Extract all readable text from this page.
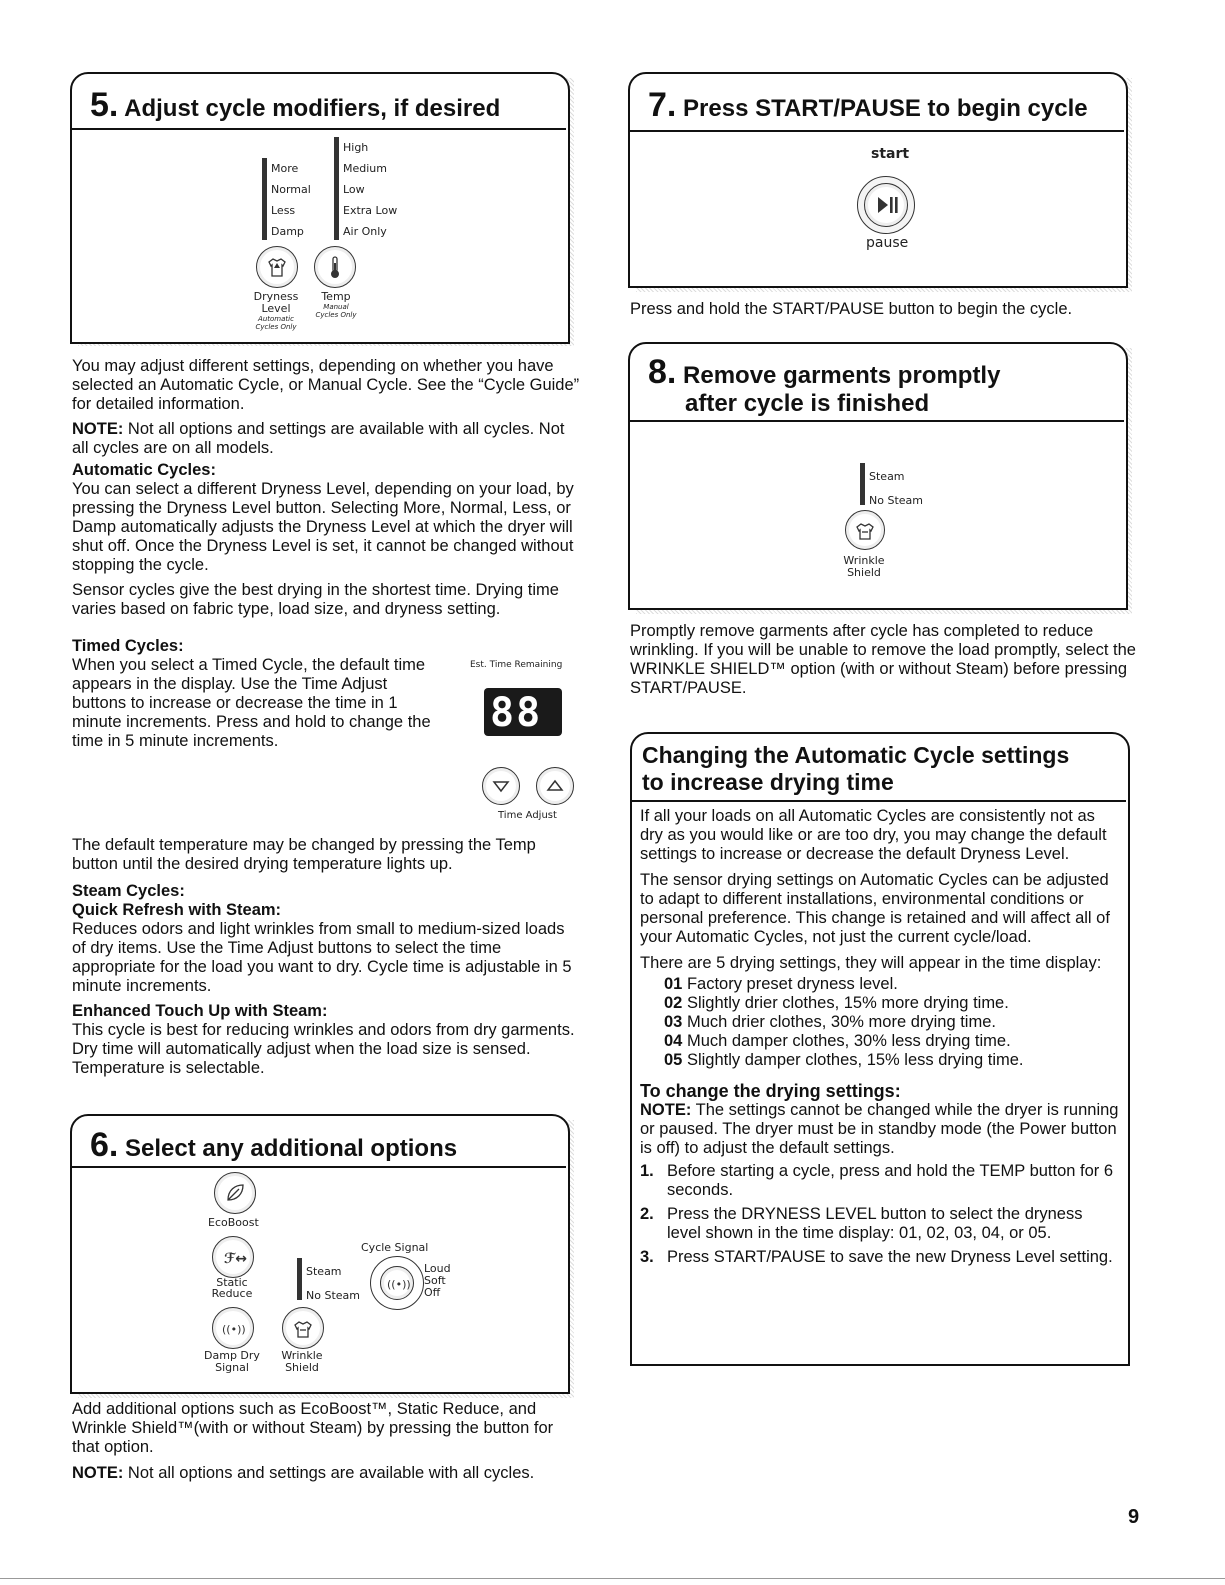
5. Adjust cycle modifiers, if desired
More
Normal
Less
Damp
High
Medium
Low
Extra Low
Air Only
Dryness
Level
Automatic
Cycles Only
Temp
Manual
Cycles Only

You may adjust different settings, depending on whether you have selected an Automatic Cycle, or Manual Cycle. See the “Cycle Guide” for detailed information.

NOTE: Not all options and settings are available with all cycles. Not all cycles are on all models.

Automatic Cycles:

You can select a different Dryness Level, depending on your load, by pressing the Dryness Level button. Selecting More, Normal, Less, or Damp automatically adjusts the Dryness Level at which the dryer will shut off. Once the Dryness Level is set, it cannot be changed without stopping the cycle.

Sensor cycles give the best drying in the shortest time. Drying time varies based on fabric type, load size, and dryness setting.

Timed Cycles:

When you select a Timed Cycle, the default time appears in the display. Use the Time Adjust buttons to increase or decrease the time in 1 minute increments. Press and hold to change the time in 5 minute increments.

Est. Time Remaining
88
Time Adjust

The default temperature may be changed by pressing the Temp button until the desired drying temperature lights up.

Steam Cycles:

Quick Refresh with Steam:

Reduces odors and light wrinkles from small to medium-sized loads of dry items. Use the Time Adjust buttons to select the time appropriate for the load you want to dry. Cycle time is adjustable in 5 minute increments.

Enhanced Touch Up with Steam:

This cycle is best for reducing wrinkles and odors from dry garments. Dry time will automatically adjust when the load size is sensed. Temperature is selectable.

6. Select any additional options
EcoBoost
ℱ↔
Static
Reduce
Steam
No Steam
Cycle Signal
((•))
Loud
Soft
Off
((•))
Damp Dry
Signal
Wrinkle
Shield

Add additional options such as EcoBoost™, Static Reduce, and Wrinkle Shield™(with or without Steam) by pressing the button for that option.

NOTE: Not all options and settings are available with all cycles.

7. Press START/PAUSE to begin cycle
start
pause

Press and hold the START/PAUSE button to begin the cycle.

8. Remove garments promptly
after cycle is finished
Steam
No Steam
Wrinkle
Shield

Promptly remove garments after cycle has completed to reduce wrinkling. If you will be unable to remove the load promptly, select the WRINKLE SHIELD™ option (with or without Steam) before pressing START/PAUSE.

Changing the Automatic Cycle settings
to increase drying time

If all your loads on all Automatic Cycles are consistently not as dry as you would like or are too dry, you may change the default settings to increase or decrease the default Dryness Level.

The sensor drying settings on Automatic Cycles can be adjusted to adapt to different installations, environmental conditions or personal preference. This change is retained and will affect all of your Automatic Cycles, not just the current cycle/load.

There are 5 drying settings, they will appear in the time display:

01 Factory preset dryness level.
02 Slightly drier clothes, 15% more drying time.
03 Much drier clothes, 30% more drying time.
04 Much damper clothes, 30% less drying time.
05 Slightly damper clothes, 15% less drying time.

To change the drying settings:

NOTE: The settings cannot be changed while the dryer is running or paused. The dryer must be in standby mode (the Power button is off) to adjust the default settings.

1. Before starting a cycle, press and hold the TEMP button for 6 seconds.
2. Press the DRYNESS LEVEL button to select the dryness level shown in the time display: 01, 02, 03, 04, or 05.
3. Press START/PAUSE to save the new Dryness Level setting.
9
